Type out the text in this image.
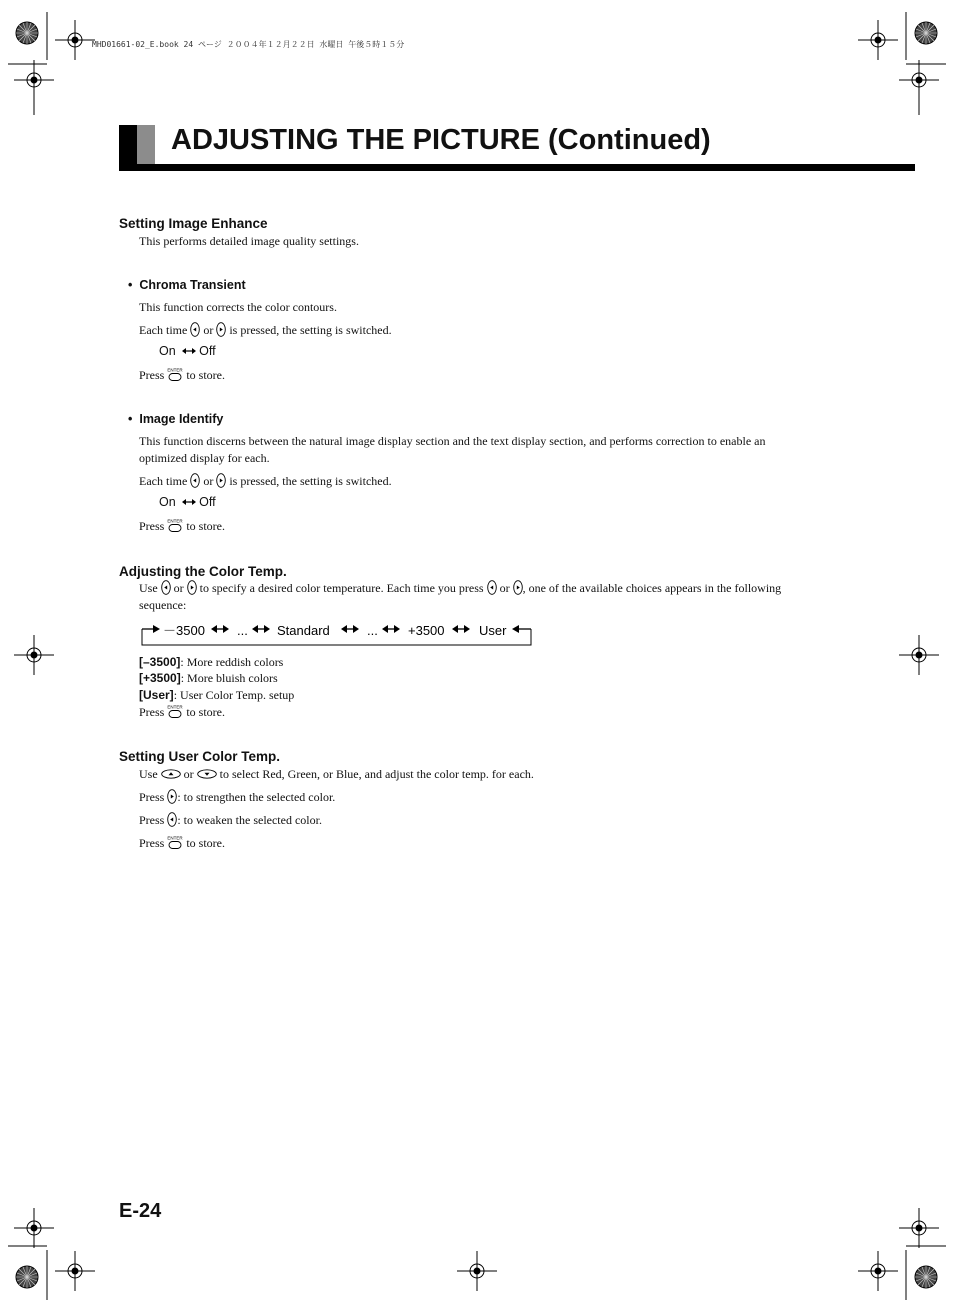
MHD01661-02_E.book 24 ページ ２００４年１２月２２日 水曜日 午後５時１５分
ADJUSTING THE PICTURE (Continued)
Setting Image Enhance
This performs detailed image quality settings.
• Chroma Transient
This function corrects the color contours.
Each time or is pressed, the setting is switched.
On Off
Press ENTER to store.
• Image Identify
This function discerns between the natural image display section and the text display section, and performs correction to enable an
optimized display for each.
Each time or is pressed, the setting is switched.
On Off
Press ENTER to store.
Adjusting the Color Temp.
Use or to specify a desired color temperature. Each time you press or , one of the available choices appears in the following
sequence:
－3500 ... Standard	... +3500	User
[–3500]: More reddish colors
[+3500]: More bluish colors
[User]: User Color Temp. setup
Press ENTER to store.
Setting User Color Temp.
Use or to select Red, Green, or Blue, and adjust the color temp. for each.
Press : to strengthen the selected color.
Press : to weaken the selected color.
Press ENTER to store.
E-24
